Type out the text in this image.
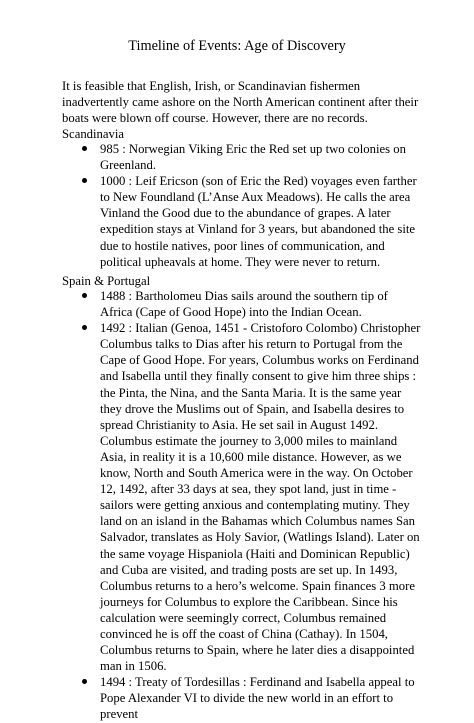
Timeline of Events: Age of Discovery

It is feasible that English, Irish, or Scandinavian fishermen inadvertently came ashore on the North American continent after their boats were blown off course. However, there are no records.

Scandinavia

985 : Norwegian Viking Eric the Red set up two colonies on Greenland.
1000 : Leif Ericson (son of Eric the Red) voyages even farther to New Foundland (L’Anse Aux Meadows). He calls the area Vinland the Good due to the abundance of grapes. A later expedition stays at Vinland for 3 years, but abandoned the site due to hostile natives, poor lines of communication, and political upheavals at home. They were never to return.

Spain & Portugal

1488 : Bartholomeu Dias sails around the southern tip of Africa (Cape of Good Hope) into the Indian Ocean.
1492 : Italian (Genoa, 1451 - Cristoforo Colombo) Christopher Columbus talks to Dias after his return to Portugal from the Cape of Good Hope. For years, Columbus works on Ferdinand and Isabella until they finally consent to give him three ships : the Pinta, the Nina, and the Santa Maria. It is the same year they drove the Muslims out of Spain, and Isabella desires to spread Christianity to Asia. He set sail in August 1492. Columbus estimate the journey to 3,000 miles to mainland Asia, in reality it is a 10,600 mile distance. However, as we know, North and South America were in the way. On October 12, 1492, after 33 days at sea, they spot land, just in time - sailors were getting anxious and contemplating mutiny. They land on an island in the Bahamas which Columbus names San Salvador, translates as Holy Savior, (Watlings Island). Later on the same voyage Hispaniola (Haiti and Dominican Republic) and Cuba are visited, and trading posts are set up. In 1493, Columbus returns to a hero’s welcome. Spain finances 3 more journeys for Columbus to explore the Caribbean. Since his calculation were seemingly correct, Columbus remained convinced he is off the coast of China (Cathay). In 1504, Columbus returns to Spain, where he later dies a disappointed man in 1506.
1494 : Treaty of Tordesillas : Ferdinand and Isabella appeal to Pope Alexander VI to divide the new world in an effort to prevent
